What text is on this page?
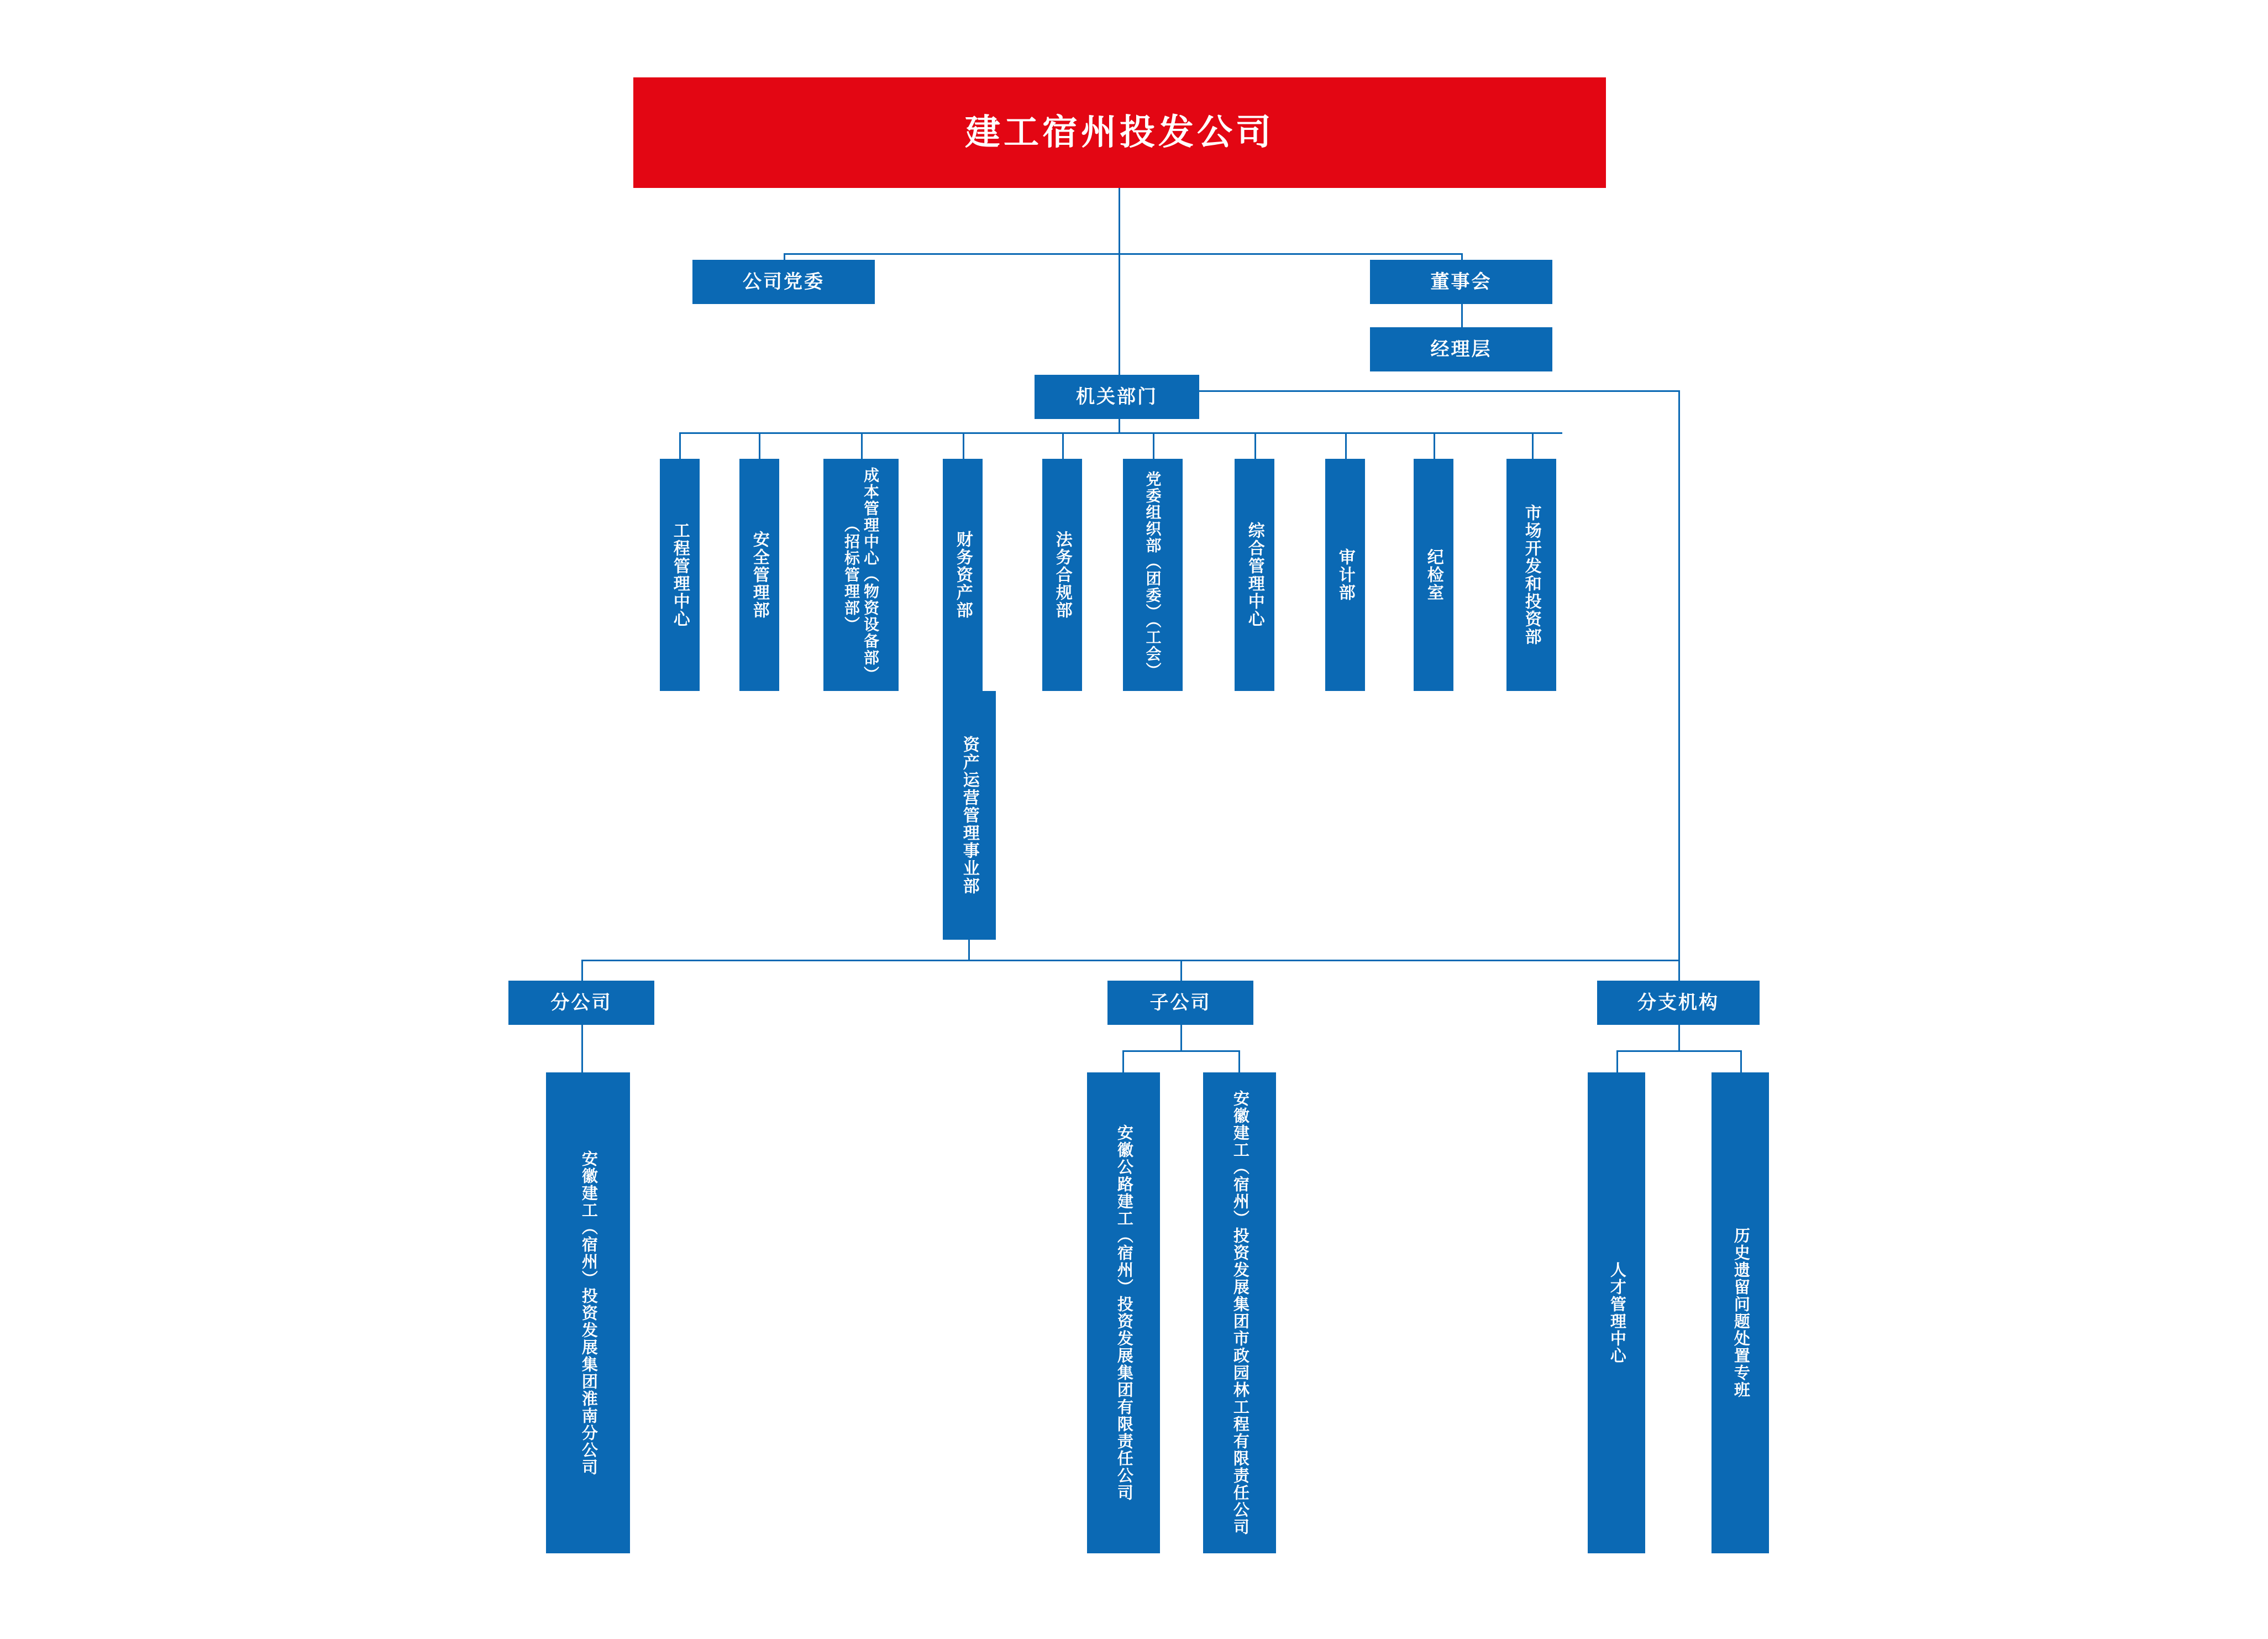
建工宿州投发公司
公司党委	董事会
经理层
机关部门
工程管理中心	安全管理部	成本管理中心（物资设备部）（招标管理部）	财务资产部	法务合规部	党委组织部（团委）（工会）	综合管理中心	审计部	纪检室	市场开发和投资部
资产运营管理事业部
分公司	子公司	分支机构
安徽建工（宿州）投资发展集团淮南分公司	安徽公路建工（宿州）投资发展集团有限责任公司	安徽建工（宿州）投资发展集团市政园林工程有限责任公司	人才管理中心	历史遗留问题处置专班
